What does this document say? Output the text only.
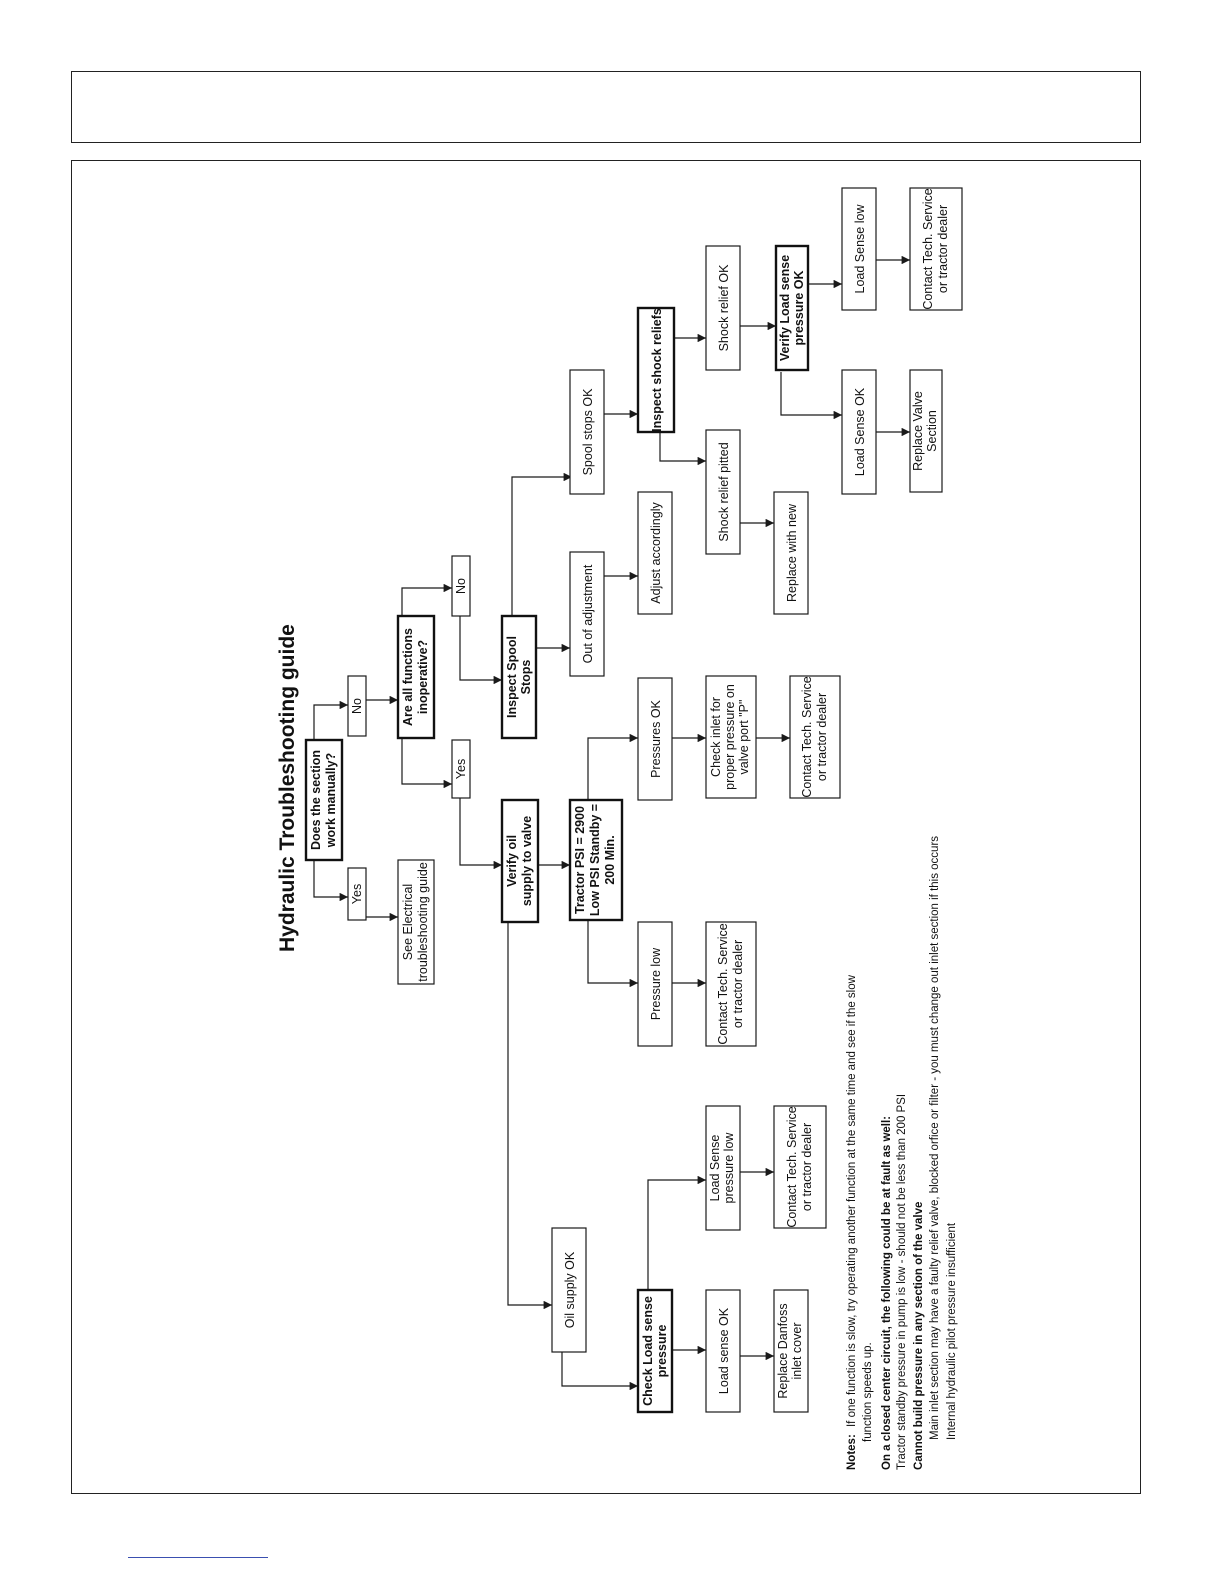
Hydraulic Troubleshooting guide Does the section work manually?
Yes
No
See Electrical troubleshooting guide
Are all functions inoperative?
No
Yes
Inspect Spool Stops
Verify oil supply to valve	Tractor PSI = 2900 Low PSI Standby = 200 Min.
Out of adjustment
Spool stops OK
Adjust accordingly
Inspect shock reliefs
Pressures OK
Pressure low
Shock relief OK
Shock relief pitted
Check inlet for proper pressure on valve port "P"
Contact Tech. Service or tractor dealer
Verify Load sense pressure OK
Replace with new
Contact Tech. Service or tractor dealer
Load Sense low
Load Sense OK
Contact Tech. Service or tractor dealer
Replace Valve Section
Oil supply OK
Check Load sense pressure
Load Sense pressure low
Load sense OK
Contact Tech. Service or tractor dealer
Replace Danfoss inlet cover
Notes: If one function is slow, try operating another function at the same time and see if the slow function speeds up. On a closed center circuit, the following could be at fault as well: Tractor standby pressure in pump is low - should not be less than 200 PSI Cannot build pressure in any section of the valve Main inlet section may have a faulty relief valve, blocked orfice or filter - you must change out inlet section if this occurs Internal hydraulic pilot pressure insufficient
